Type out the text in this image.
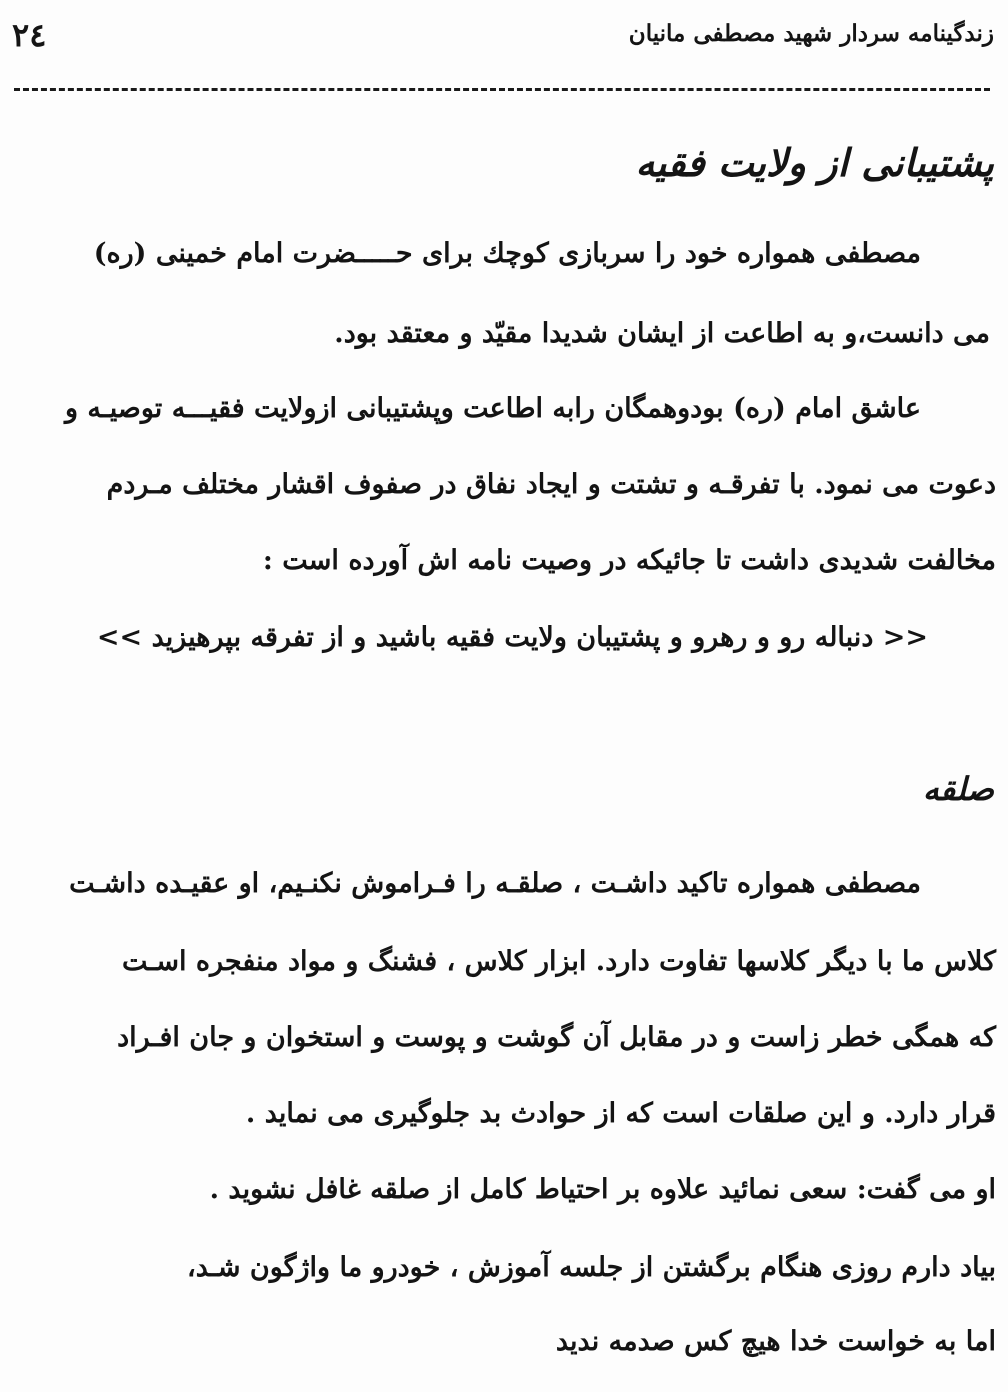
زندگینامه سردار شهید مصطفی مانیان
۲٤
پشتیبانی از ولایت فقیه
مصطفی همواره خود را سربازی کوچك برای حـــــضرت امام خمینی (ره)
می دانست،و به اطاعت از ایشان شدیدا مقیّد و معتقد بود.
عاشق امام (ره) بودوهمگان رابه اطاعت وپشتیبانی ازولایت فقیـــه توصیـه و
دعوت می نمود. با تفرقـه و تشتت و ایجاد نفاق در صفوف اقشار مختلف مـردم
مخالفت شدیدی داشت تا جائیکه در وصیت نامه اش آورده است :
<< دنباله رو و رهرو و پشتیبان ولایت فقیه باشید و از تفرقه بپرهیزید >>
صلقه
مصطفی همواره تاکید داشـت ، صلقـه را فـراموش نکنـیم، او عقیـده داشـت
کلاس ما با دیگر کلاسها تفاوت دارد. ابزار کلاس ، فشنگ و مواد منفجره اسـت
که همگی خطر زاست و در مقابل آن گوشت و پوست و استخوان و جان افـراد
قرار دارد. و این صلقات است که از حوادث بد جلوگیری می نماید .
او می گفت: سعی نمائید علاوه بر احتیاط کامل از صلقه غافل نشوید .
بیاد دارم روزی هنگام برگشتن از جلسه آموزش ، خودرو ما واژگون شـد،
اما به خواست خدا هیچ کس صدمه ندید
